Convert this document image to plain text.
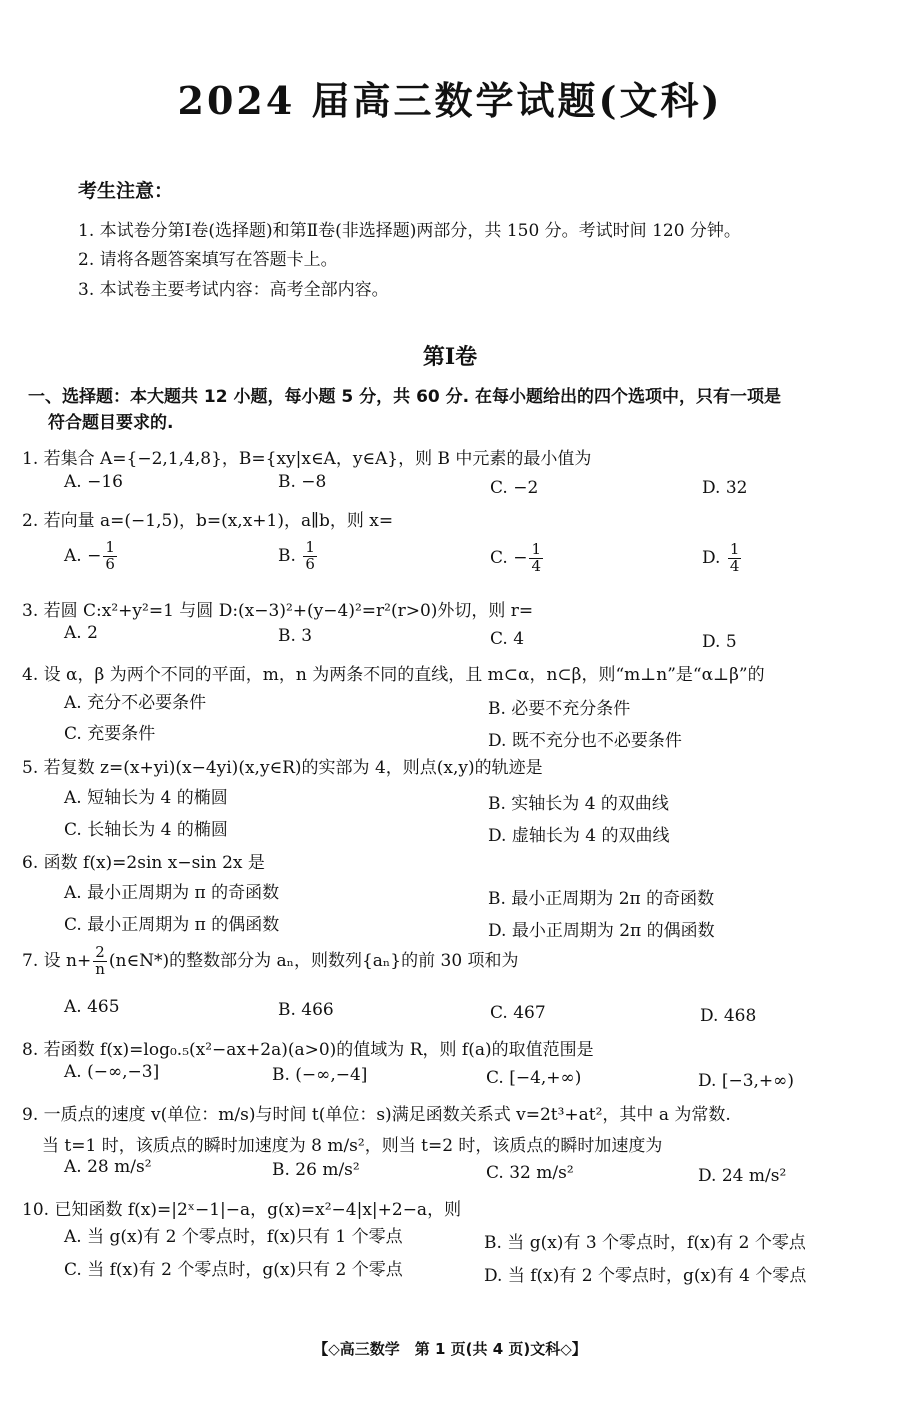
2024 届高三数学试题(文科)
考生注意：
1. 本试卷分第Ⅰ卷(选择题)和第Ⅱ卷(非选择题)两部分，共 150 分。考试时间 120 分钟。
2. 请将各题答案填写在答题卡上。
3. 本试卷主要考试内容：高考全部内容。
第Ⅰ卷
一、选择题：本大题共 12 小题，每小题 5 分，共 60 分. 在每小题给出的四个选项中，只有一项是
符合题目要求的.
1. 若集合 A={−2,1,4,8}，B={xy|x∈A，y∈A}，则 B 中元素的最小值为
A. −16	B. −8	C. −2	D. 32
2. 若向量 a=(−1,5)，b=(x,x+1)，a∥b，则 x=
A. − $\frac{1}{6}$	B. $\frac{1}{6}$	C. − $\frac{1}{4}$	D. $\frac{1}{4}$
3. 若圆 C:x²+y²=1 与圆 D:(x−3)²+(y−4)²=r²(r>0)外切，则 r=
A. 2	B. 3	C. 4	D. 5
4. 设 α，β 为两个不同的平面，m，n 为两条不同的直线，且 m⊂α，n⊂β，则“m⊥n”是“α⊥β”的
A. 充分不必要条件	B. 必要不充分条件
C. 充要条件	D. 既不充分也不必要条件
5. 若复数 z=(x+yi)(x−4yi)(x,y∈R)的实部为 4，则点(x,y)的轨迹是
A. 短轴长为 4 的椭圆	B. 实轴长为 4 的双曲线
C. 长轴长为 4 的椭圆	D. 虚轴长为 4 的双曲线
6. 函数 f(x)=2sin x−sin 2x 是
A. 最小正周期为 π 的奇函数	B. 最小正周期为 2π 的奇函数
C. 最小正周期为 π 的偶函数	D. 最小正周期为 2π 的偶函数
7. 设 $n+ \frac{2}{n}$ (n∈N*)的整数部分为 aₙ，则数列{aₙ}的前 30 项和为
A. 465	B. 466	C. 467	D. 468
8. 若函数 f(x)=log₀.₅(x²−ax+2a)(a>0)的值域为 R，则 f(a)的取值范围是
A. (−∞,−3]	B. (−∞,−4]	C. [−4,+∞)	D. [−3,+∞)
9. 一质点的速度 v(单位：m/s)与时间 t(单位：s)满足函数关系式 v=2t³+at²，其中 a 为常数.
当 t=1 时，该质点的瞬时加速度为 8 m/s²，则当 t=2 时，该质点的瞬时加速度为
A. 28 m/s²	B. 26 m/s²	C. 32 m/s²	D. 24 m/s²
10. 已知函数 f(x)=|2ˣ−1|−a，g(x)=x²−4|x|+2−a，则
A. 当 g(x)有 2 个零点时，f(x)只有 1 个零点	B. 当 g(x)有 3 个零点时，f(x)有 2 个零点
C. 当 f(x)有 2 个零点时，g(x)只有 2 个零点	D. 当 f(x)有 2 个零点时，g(x)有 4 个零点
【◇高三数学　第 1 页(共 4 页)文科◇】
